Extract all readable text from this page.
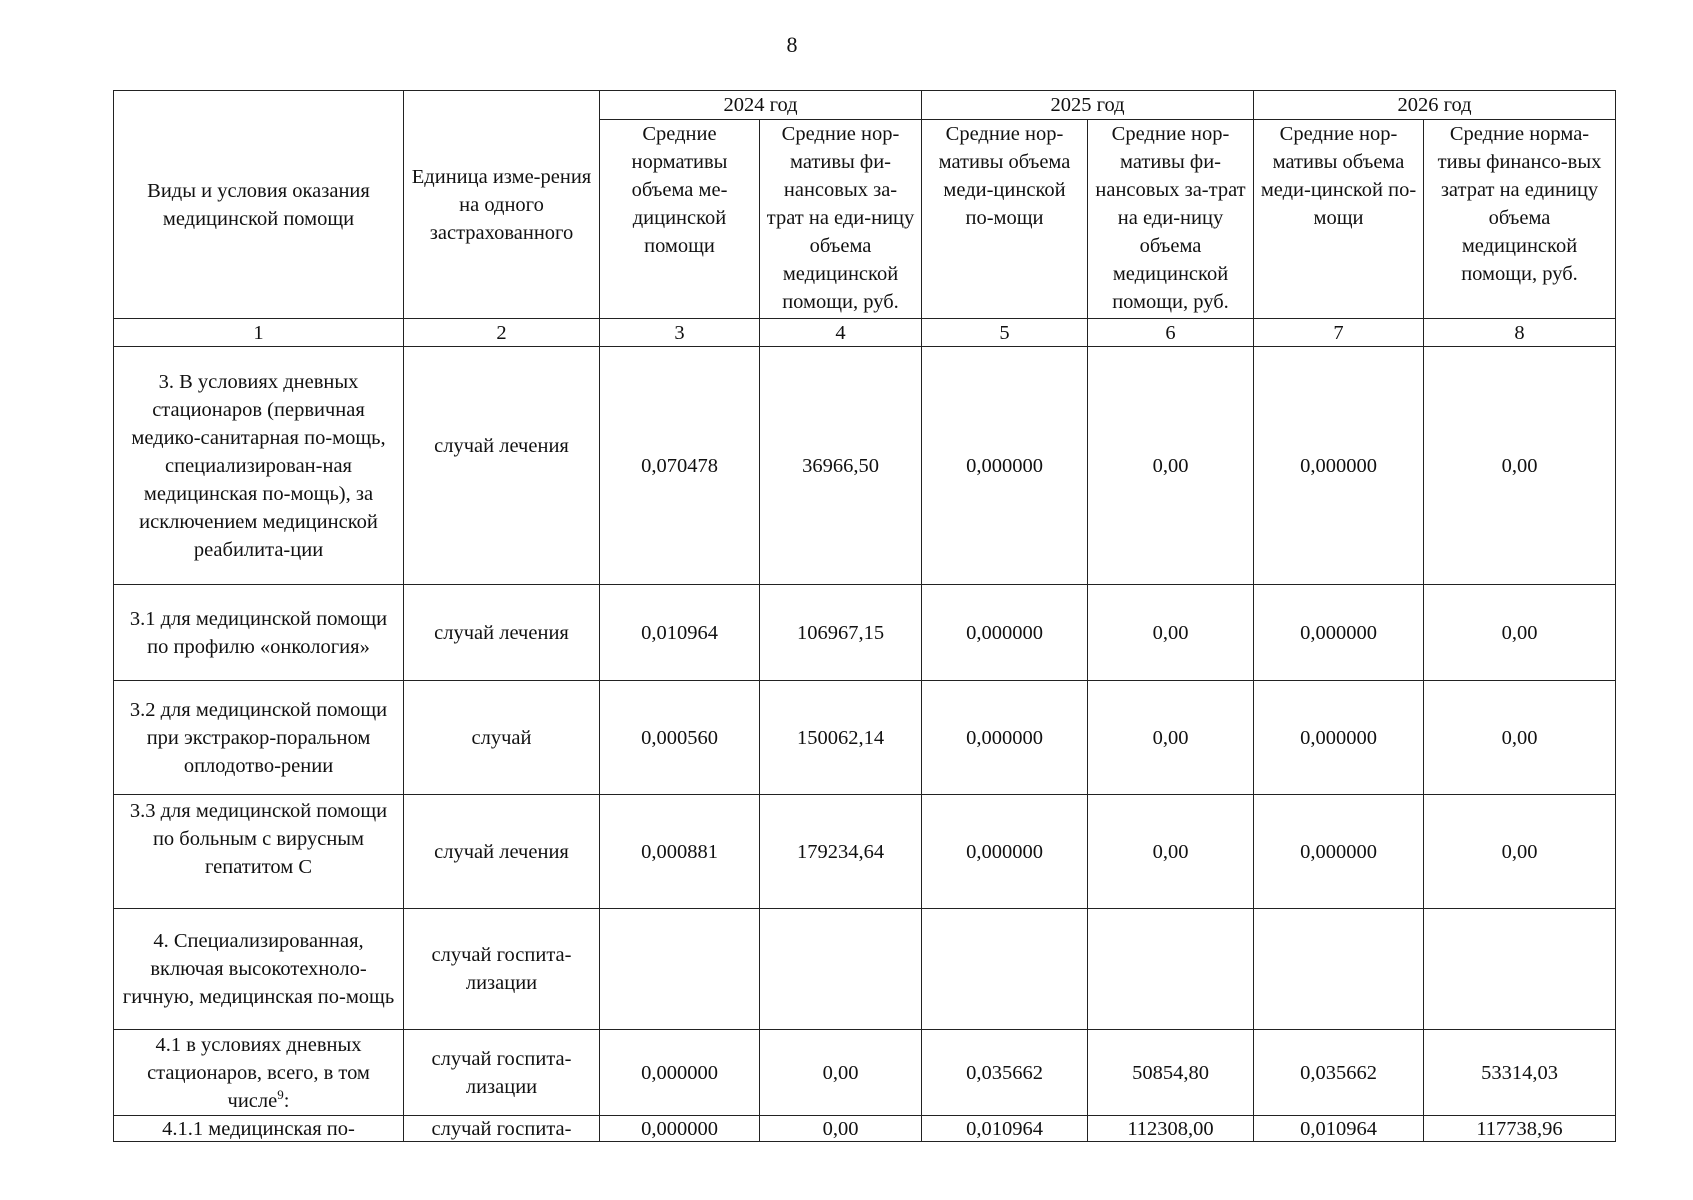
8
Виды и условия оказания медицинской помощи	Единица изме-рения на одного застрахованного	2024 год		2025 год		2026 год	
		Средние нормативы объема ме-дицинской помощи	Средние нор-мативы фи-нансовых за-трат на еди-ницу объема медицинской помощи, руб.	Средние нор-мативы объема меди-цинской по-мощи	Средние нор-мативы фи-нансовых за-трат на еди-ницу объема медицинской помощи, руб.	Средние нор-мативы объема меди-цинской по-мощи	Средние норма-тивы финансо-вых затрат на единицу объема медицинской помощи, руб.
1	2	3	4	5	6	7	8
3. В условиях дневных стационаров (первичная медико-санитарная по-мощь, специализирован-ная медицинская по-мощь), за исключением медицинской реабилита-ции	случай лечения	0,070478	36966,50	0,000000	0,00	0,000000	0,00
3.1 для медицинской помощи по профилю «онкология»	случай лечения	0,010964	106967,15	0,000000	0,00	0,000000	0,00
3.2 для медицинской помощи при экстракор-поральном оплодотво-рении	случай	0,000560	150062,14	0,000000	0,00	0,000000	0,00
3.3 для медицинской помощи по больным с вирусным гепатитом С	случай лечения	0,000881	179234,64	0,000000	0,00	0,000000	0,00
4. Специализированная, включая высокотехноло-гичную, медицинская по-мощь	случай госпита-лизации						
4.1 в условиях дневных стационаров, всего, в том числе$^9$:	случай госпита-лизации	0,000000	0,00	0,035662	50854,80	0,035662	53314,03
4.1.1 медицинская по-	случай госпита-	0,000000	0,00	0,010964	112308,00	0,010964	117738,96
